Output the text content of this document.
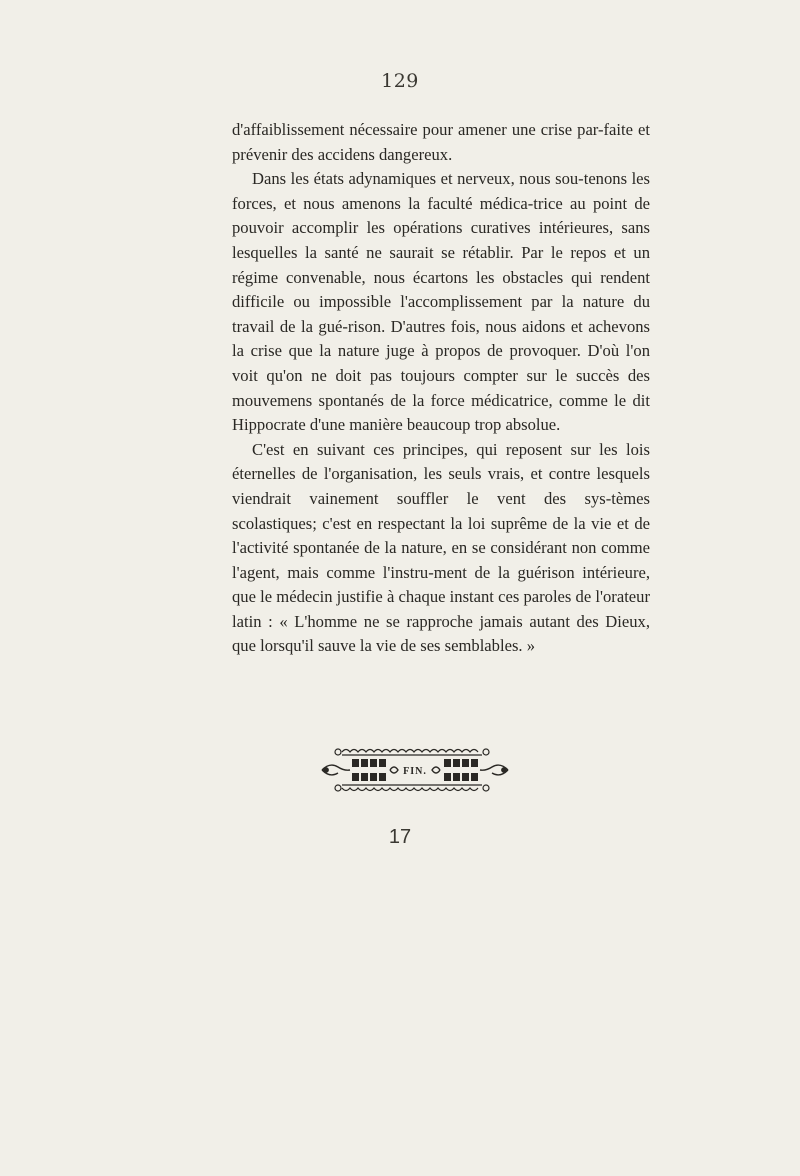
129

d'affaiblissement nécessaire pour amener une crise par-faite et prévenir des accidens dangereux.

Dans les états adynamiques et nerveux, nous sou-tenons les forces, et nous amenons la faculté médica-trice au point de pouvoir accomplir les opérations curatives intérieures, sans lesquelles la santé ne saurait se rétablir. Par le repos et un régime convenable, nous écartons les obstacles qui rendent difficile ou impossible l'accomplissement par la nature du travail de la gué-rison. D'autres fois, nous aidons et achevons la crise que la nature juge à propos de provoquer. D'où l'on voit qu'on ne doit pas toujours compter sur le succès des mouvemens spontanés de la force médicatrice, comme le dit Hippocrate d'une manière beaucoup trop absolue.

C'est en suivant ces principes, qui reposent sur les lois éternelles de l'organisation, les seuls vrais, et contre lesquels viendrait vainement souffler le vent des sys-tèmes scolastiques; c'est en respectant la loi suprême de la vie et de l'activité spontanée de la nature, en se considérant non comme l'agent, mais comme l'instru-ment de la guérison intérieure, que le médecin justifie à chaque instant ces paroles de l'orateur latin : « L'homme ne se rapproche jamais autant des Dieux, que lorsqu'il sauve la vie de ses semblables. »

FIN.
17
